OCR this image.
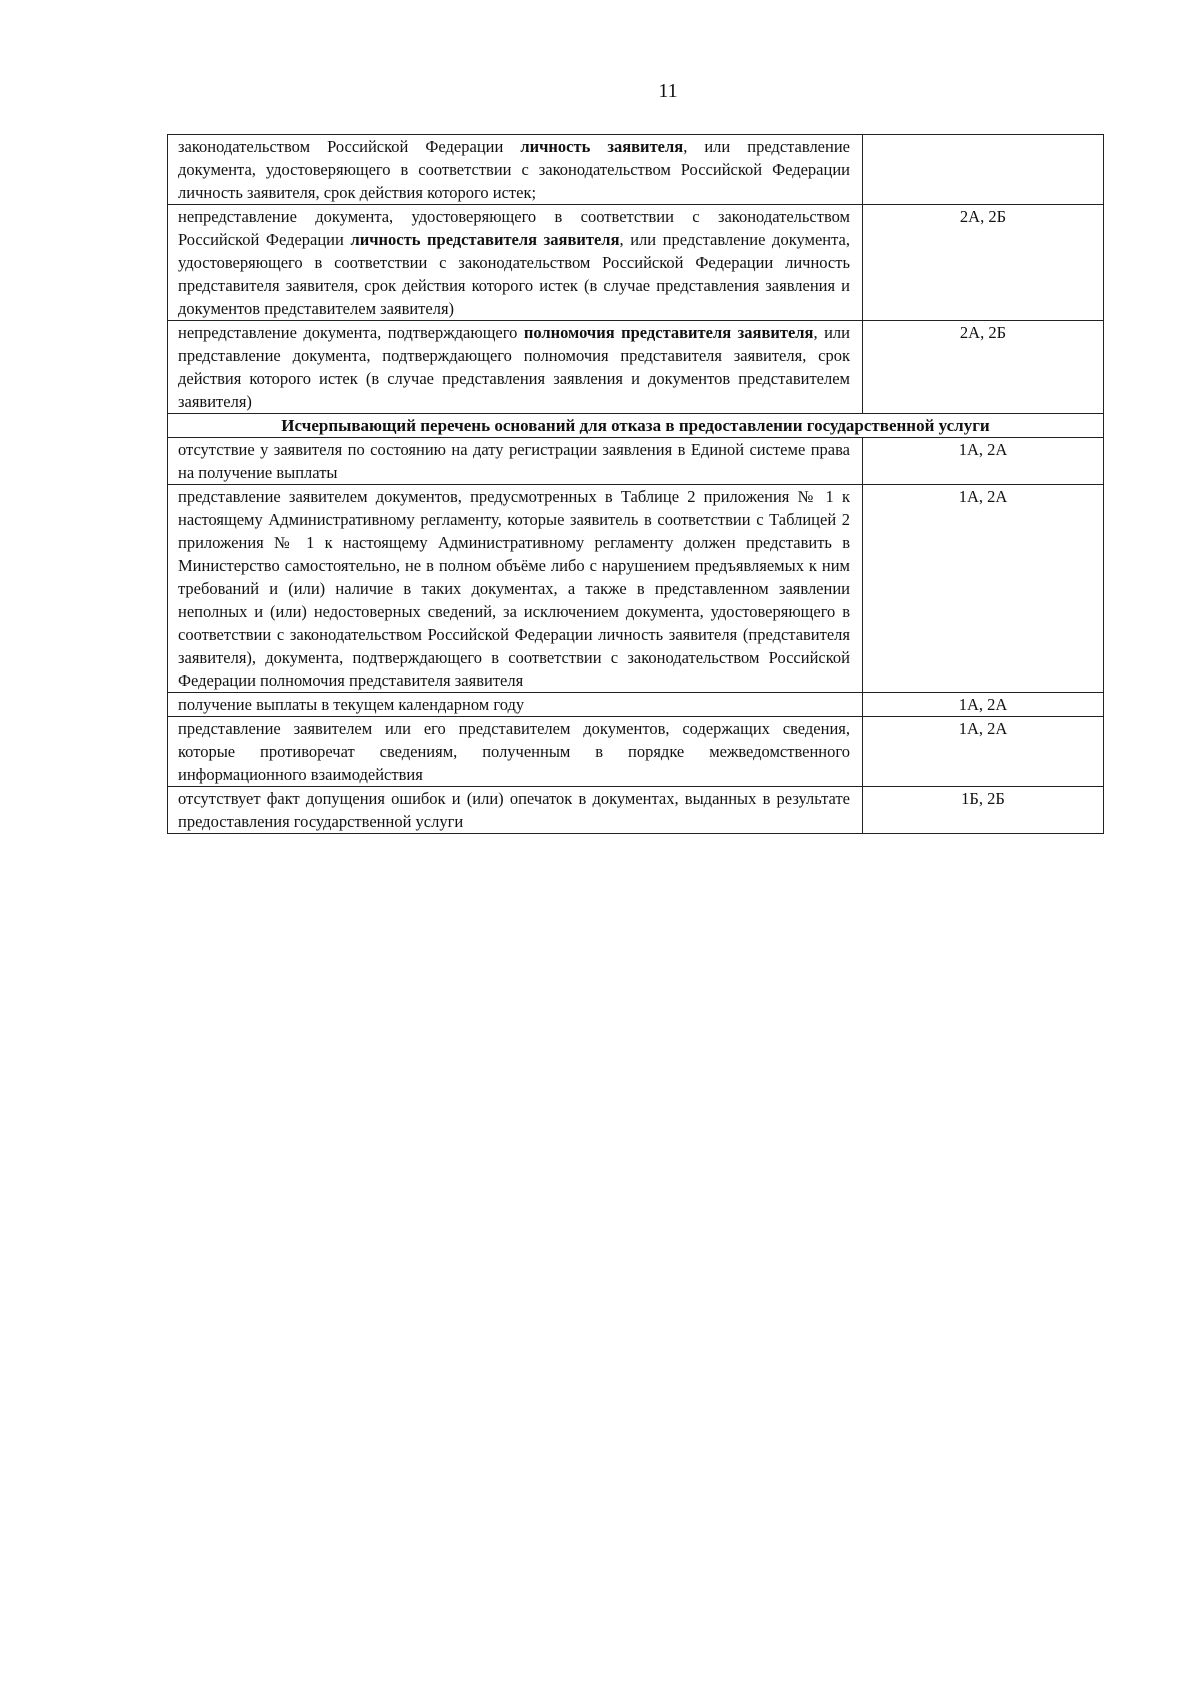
11
законодательством Российской Федерации личность заявителя, или представление документа, удостоверяющего в соответствии с законодательством Российской Федерации личность заявителя, срок действия которого истек;	
непредставление документа, удостоверяющего в соответствии с законодательством Российской Федерации личность представителя заявителя, или представление документа, удостоверяющего в соответствии с законодательством Российской Федерации личность представителя заявителя, срок действия которого истек (в случае представления заявления и документов представителем заявителя)	2А, 2Б
непредставление документа, подтверждающего полномочия представителя заявителя, или представление документа, подтверждающего полномочия представителя заявителя, срок действия которого истек (в случае представления заявления и документов представителем заявителя)	2А, 2Б
Исчерпывающий перечень оснований для отказа в предоставлении государственной услуги	
отсутствие у заявителя по состоянию на дату регистрации заявления в Единой системе права на получение выплаты	1А, 2А
представление заявителем документов, предусмотренных в Таблице 2 приложения № 1 к настоящему Административному регламенту, которые заявитель в соответствии с Таблицей 2 приложения № 1 к настоящему Административному регламенту должен представить в Министерство самостоятельно, не в полном объёме либо с нарушением предъявляемых к ним требований и (или) наличие в таких документах, а также в представленном заявлении неполных и (или) недостоверных сведений, за исключением документа, удостоверяющего в соответствии с законодательством Российской Федерации личность заявителя (представителя заявителя), документа, подтверждающего в соответствии с законодательством Российской Федерации полномочия представителя заявителя	1А, 2А
получение выплаты в текущем календарном году	1А, 2А
представление заявителем или его представителем документов, содержащих сведения, которые противоречат сведениям, полученным в порядке межведомственного информационного взаимодействия	1А, 2А
отсутствует факт допущения ошибок и (или) опечаток в документах, выданных в результате предоставления государственной услуги	1Б, 2Б
